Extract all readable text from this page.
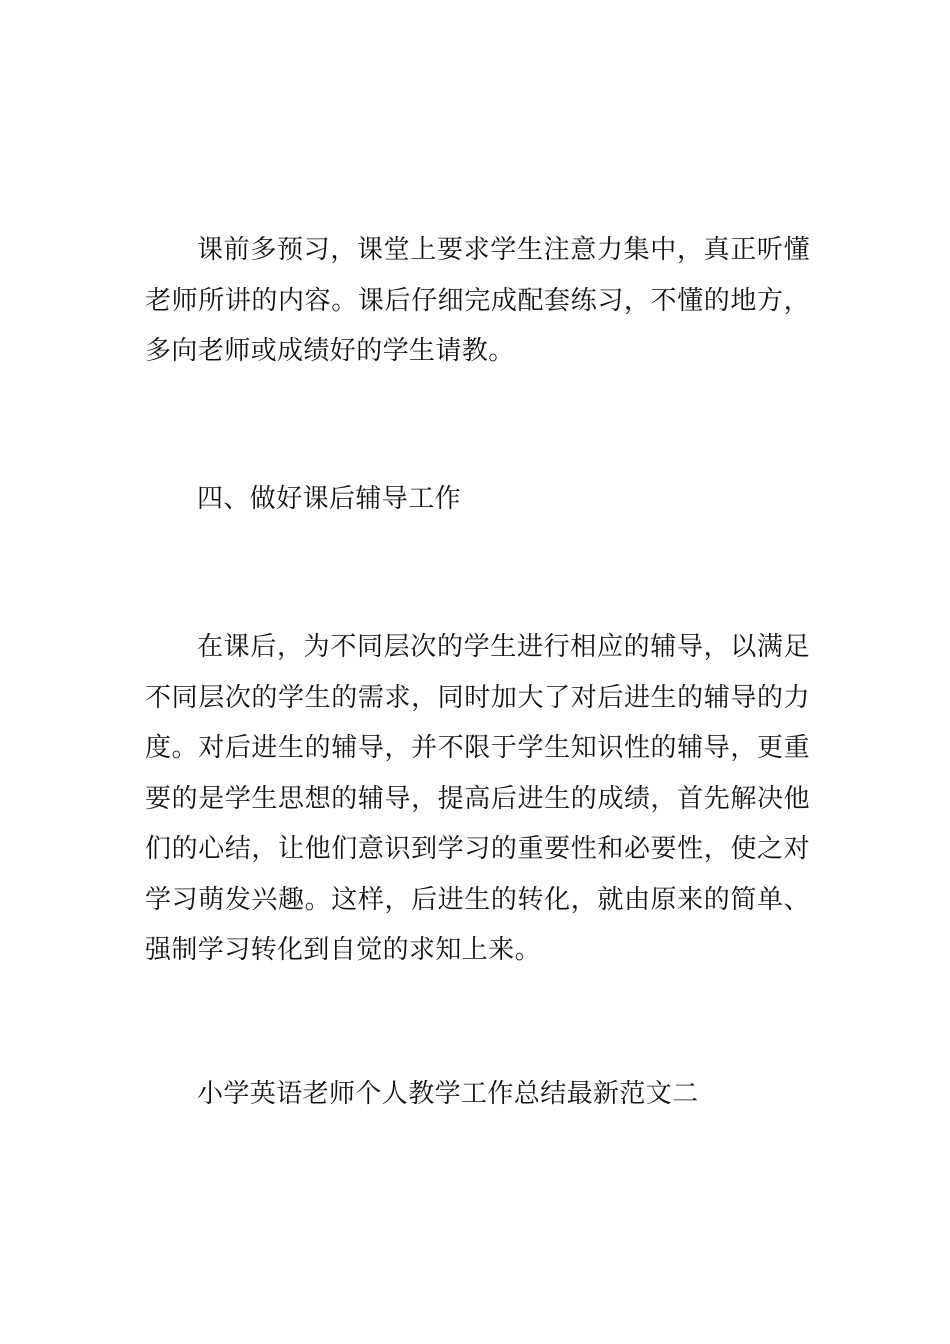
课前多预习，课堂上要求学生注意力集中，真正听懂老师所讲的内容。课后仔细完成配套练习，不懂的地方，多向老师或成绩好的学生请教。

四、做好课后辅导工作

在课后，为不同层次的学生进行相应的辅导，以满足不同层次的学生的需求，同时加大了对后进生的辅导的力度。对后进生的辅导，并不限于学生知识性的辅导，更重要的是学生思想的辅导，提高后进生的成绩，首先解决他们的心结，让他们意识到学习的重要性和必要性，使之对学习萌发兴趣。这样，后进生的转化，就由原来的简单、强制学习转化到自觉的求知上来。

小学英语老师个人教学工作总结最新范文二
